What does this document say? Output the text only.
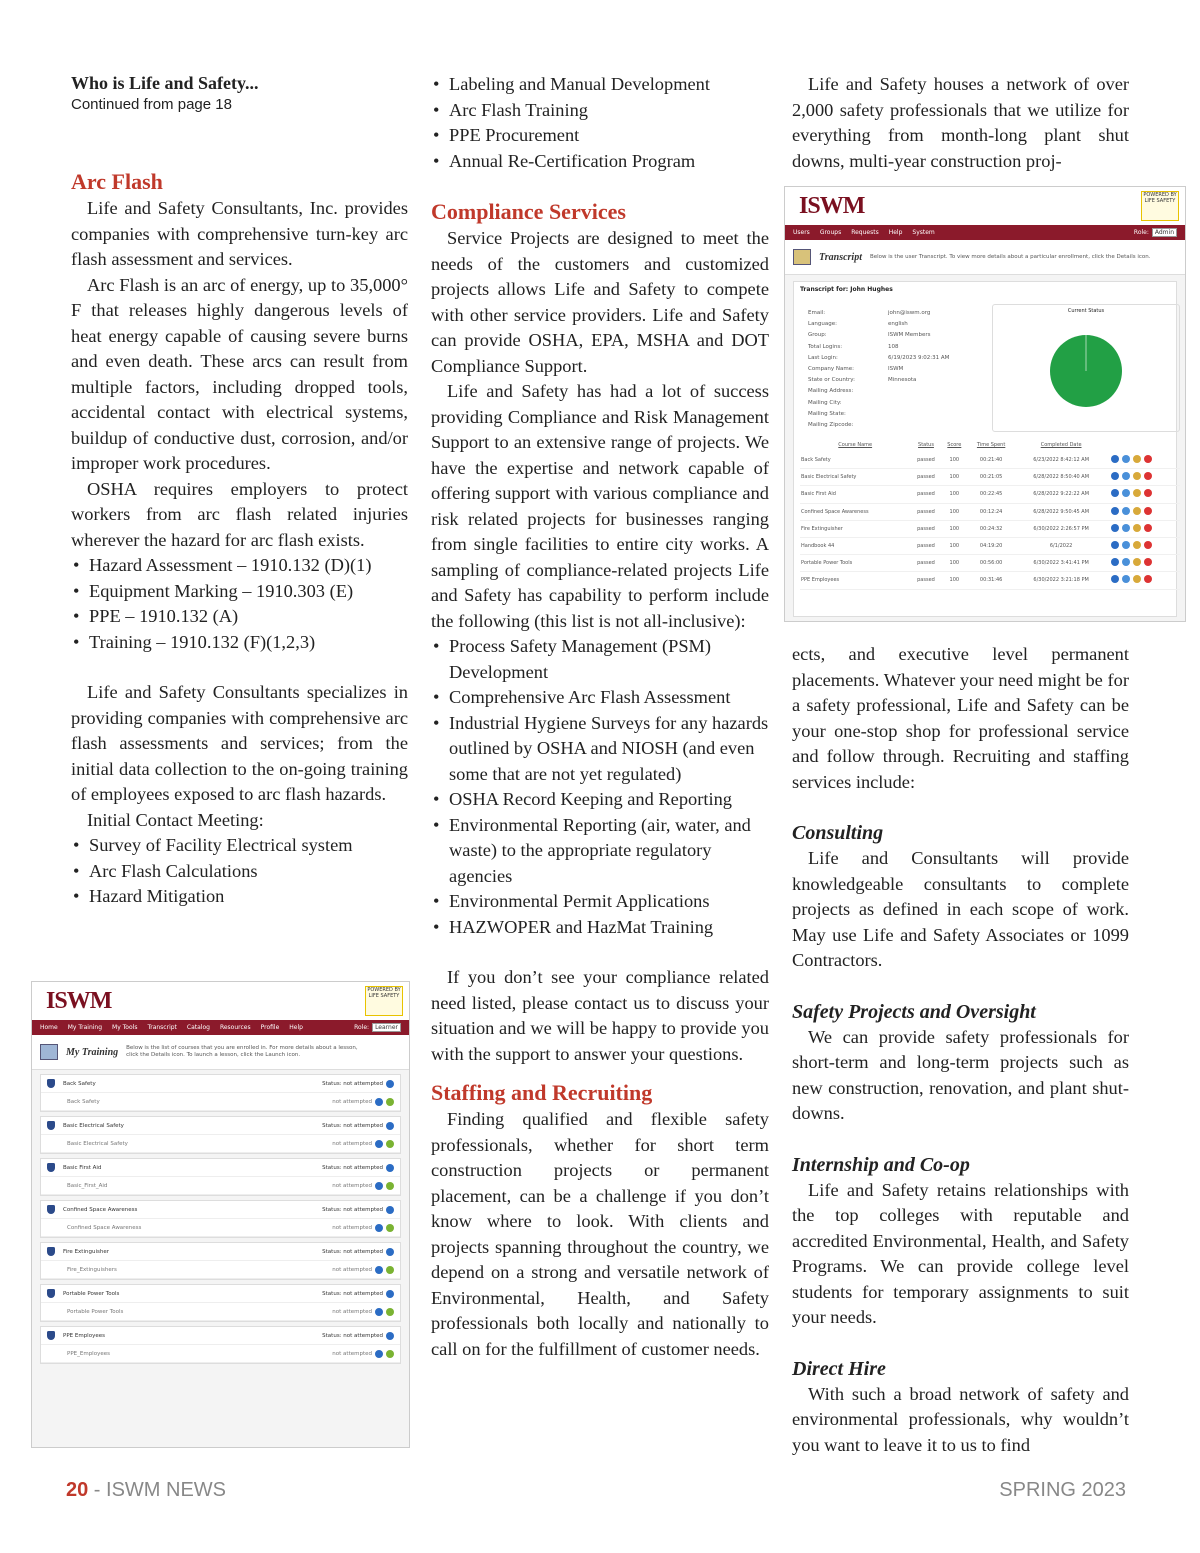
Who is Life and Safety...

Continued from page 18

Arc Flash

Life and Safety Consultants, Inc. provides companies with comprehensive turn-key arc flash assessment and services.

Arc Flash is an arc of energy, up to 35,000° F that releases highly dangerous levels of heat energy capable of causing severe burns and even death. These arcs can result from multiple factors, including dropped tools, accidental contact with electrical systems, buildup of conductive dust, corrosion, and/or improper work procedures.

OSHA requires employers to protect workers from arc flash related injuries wherever the hazard for arc flash exists.

• Hazard Assessment – 1910.132 (D)(1)
• Equipment Marking – 1910.303 (E)
• PPE – 1910.132 (A)
• Training – 1910.132 (F)(1,2,3)

Life and Safety Consultants specializes in providing companies with comprehensive arc flash assessments and services; from the initial data collection to the on-going training of employees exposed to arc flash hazards.

Initial Contact Meeting:

• Survey of Facility Electrical system
• Arc Flash Calculations
• Hazard Mitigation
• Labeling and Manual Development
• Arc Flash Training
• PPE Procurement
• Annual Re-Certification Program

Compliance Services

Service Projects are designed to meet the needs of the customers and customized projects allows Life and Safety to compete with other service providers. Life and Safety can provide OSHA, EPA, MSHA and DOT Compliance Support.

Life and Safety has had a lot of success providing Compliance and Risk Management Support to an extensive range of projects. We have the expertise and network capable of offering support with various compliance and risk related projects for businesses ranging from single facilities to entire city works. A sampling of compliance-related projects Life and Safety has capability to perform include the following (this list is not all-inclusive):

• Process Safety Management (PSM) Development
• Comprehensive Arc Flash Assessment
• Industrial Hygiene Surveys for any hazards outlined by OSHA and NIOSH (and even some that are not yet regulated)
• OSHA Record Keeping and Reporting
• Environmental Reporting (air, water, and waste) to the appropriate regulatory agencies
• Environmental Permit Applications
• HAZWOPER and HazMat Training

If you don’t see your compliance related need listed, please contact us to discuss your situation and we will be happy to provide you with the support to answer your questions.

Staffing and Recruiting

Finding qualified and flexible safety professionals, whether for short term construction projects or permanent placement, can be a challenge if you don’t know where to look. With clients and projects spanning throughout the country, we depend on a strong and versatile network of Environmental, Health, and Safety professionals both locally and nationally to call on for the fulfillment of customer needs.

Life and Safety houses a network of over 2,000 safety professionals that we utilize for everything from month-long plant shut downs, multi-year construction proj-

ects, and executive level permanent placements. Whatever your need might be for a safety professional, Life and Safety can be your one-stop shop for professional service and follow through. Recruiting and staffing services include:

Consulting

Life and Consultants will provide knowledgeable consultants to complete projects as defined in each scope of work. May use Life and Safety Associates or 1099 Contractors.

Safety Projects and Oversight

We can provide safety professionals for short-term and long-term projects such as new construction, renovation, and plant shut-downs.

Internship and Co-op

Life and Safety retains relationships with the top colleges with reputable and accredited Environmental, Health, and Safety Programs. We can provide college level students for temporary assignments to suit your needs.

Direct Hire

With such a broad network of safety and environmental professionals, why wouldn’t you want to leave it to us to find

ISWM	POWERED BY LIFE SAFETY
Home My Training My Tools Transcript Catalog Resources Profile Help	Role:	Learner
My Training Below is the list of courses that you are enrolled in. For more details about a lesson, click the Details icon. To launch a lesson, click the Launch icon.
Back Safety	Status: not attempted
Back Safety	not attempted
Basic Electrical Safety	Status: not attempted
Basic Electrical Safety	not attempted
Basic First Aid	Status: not attempted
Basic_First_Aid	not attempted
Confined Space Awareness	Status: not attempted
Confined Space Awareness	not attempted
Fire Extinguisher	Status: not attempted
Fire_Extinguishers	not attempted
Portable Power Tools	Status: not attempted
Portable Power Tools	not attempted
PPE Employees	Status: not attempted
PPE_Employees	not attempted
ISWM	POWERED BY LIFE SAFETY
Users Groups Requests Help System	Role:	Admin
Transcript Below is the user Transcript. To view more details about a particular enrollment, click the Details icon.
Transcript for: John Hughes
Email:	john@iswm.org
Language:	english
Group:	ISWM Members
Total Logins:	108
Last Login:	6/19/2023 9:02:31 AM
Company Name:	ISWM
State or Country:	Minnesota
Mailing Address:
Mailing City:
Mailing State:
Mailing Zipcode:
Current Status
Course Name	Status	Score	Time Spent	Completed Date	
Back Safety	passed	100	00:21:40	6/23/2022 8:42:12 AM	
Basic Electrical Safety	passed	100	00:21:05	6/28/2022 8:50:40 AM	
Basic First Aid	passed	100	00:22:45	6/28/2022 9:22:22 AM	
Confined Space Awareness	passed	100	00:12:24	6/28/2022 9:50:45 AM	
Fire Extinguisher	passed	100	00:24:32	6/30/2022 2:26:57 PM	
Handbook 44	passed	100	04:19:20	6/1/2022	
Portable Power Tools	passed	100	00:56:00	6/30/2022 3:41:41 PM	
PPE Employees	passed	100	00:31:46	6/30/2022 3:21:18 PM	
20 - ISWM NEWS	SPRING 2023
